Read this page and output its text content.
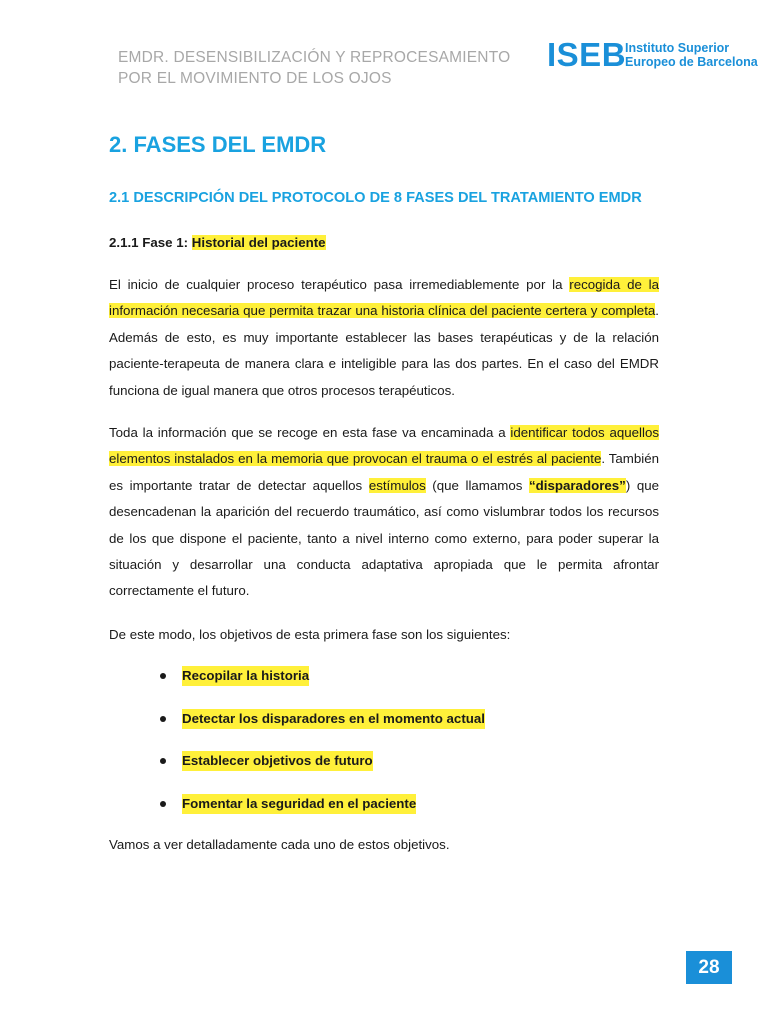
EMDR. DESENSIBILIZACIÓN Y REPROCESAMIENTO
POR EL MOVIMIENTO DE LOS OJOS
ISEB
Instituto Superior
Europeo de Barcelona
2. FASES DEL EMDR
2.1 DESCRIPCIÓN DEL PROTOCOLO DE 8 FASES DEL TRATAMIENTO EMDR
2.1.1 Fase 1: Historial del paciente

El inicio de cualquier proceso terapéutico pasa irremediablemente por la recogida de la información necesaria que permita trazar una historia clínica del paciente certera y completa. Además de esto, es muy importante establecer las bases terapéuticas y de la relación paciente-terapeuta de manera clara e inteligible para las dos partes. En el caso del EMDR funciona de igual manera que otros procesos terapéuticos.

Toda la información que se recoge en esta fase va encaminada a identificar todos aquellos elementos instalados en la memoria que provocan el trauma o el estrés al paciente. También es importante tratar de detectar aquellos estímulos (que llamamos “disparadores”) que desencadenan la aparición del recuerdo traumático, así como vislumbrar todos los recursos de los que dispone el paciente, tanto a nivel interno como externo, para poder superar la situación y desarrollar una conducta adaptativa apropiada que le permita afrontar correctamente el futuro.

De este modo, los objetivos de esta primera fase son los siguientes:

Recopilar la historia
Detectar los disparadores en el momento actual
Establecer objetivos de futuro
Fomentar la seguridad en el paciente

Vamos a ver detalladamente cada uno de estos objetivos.

28
